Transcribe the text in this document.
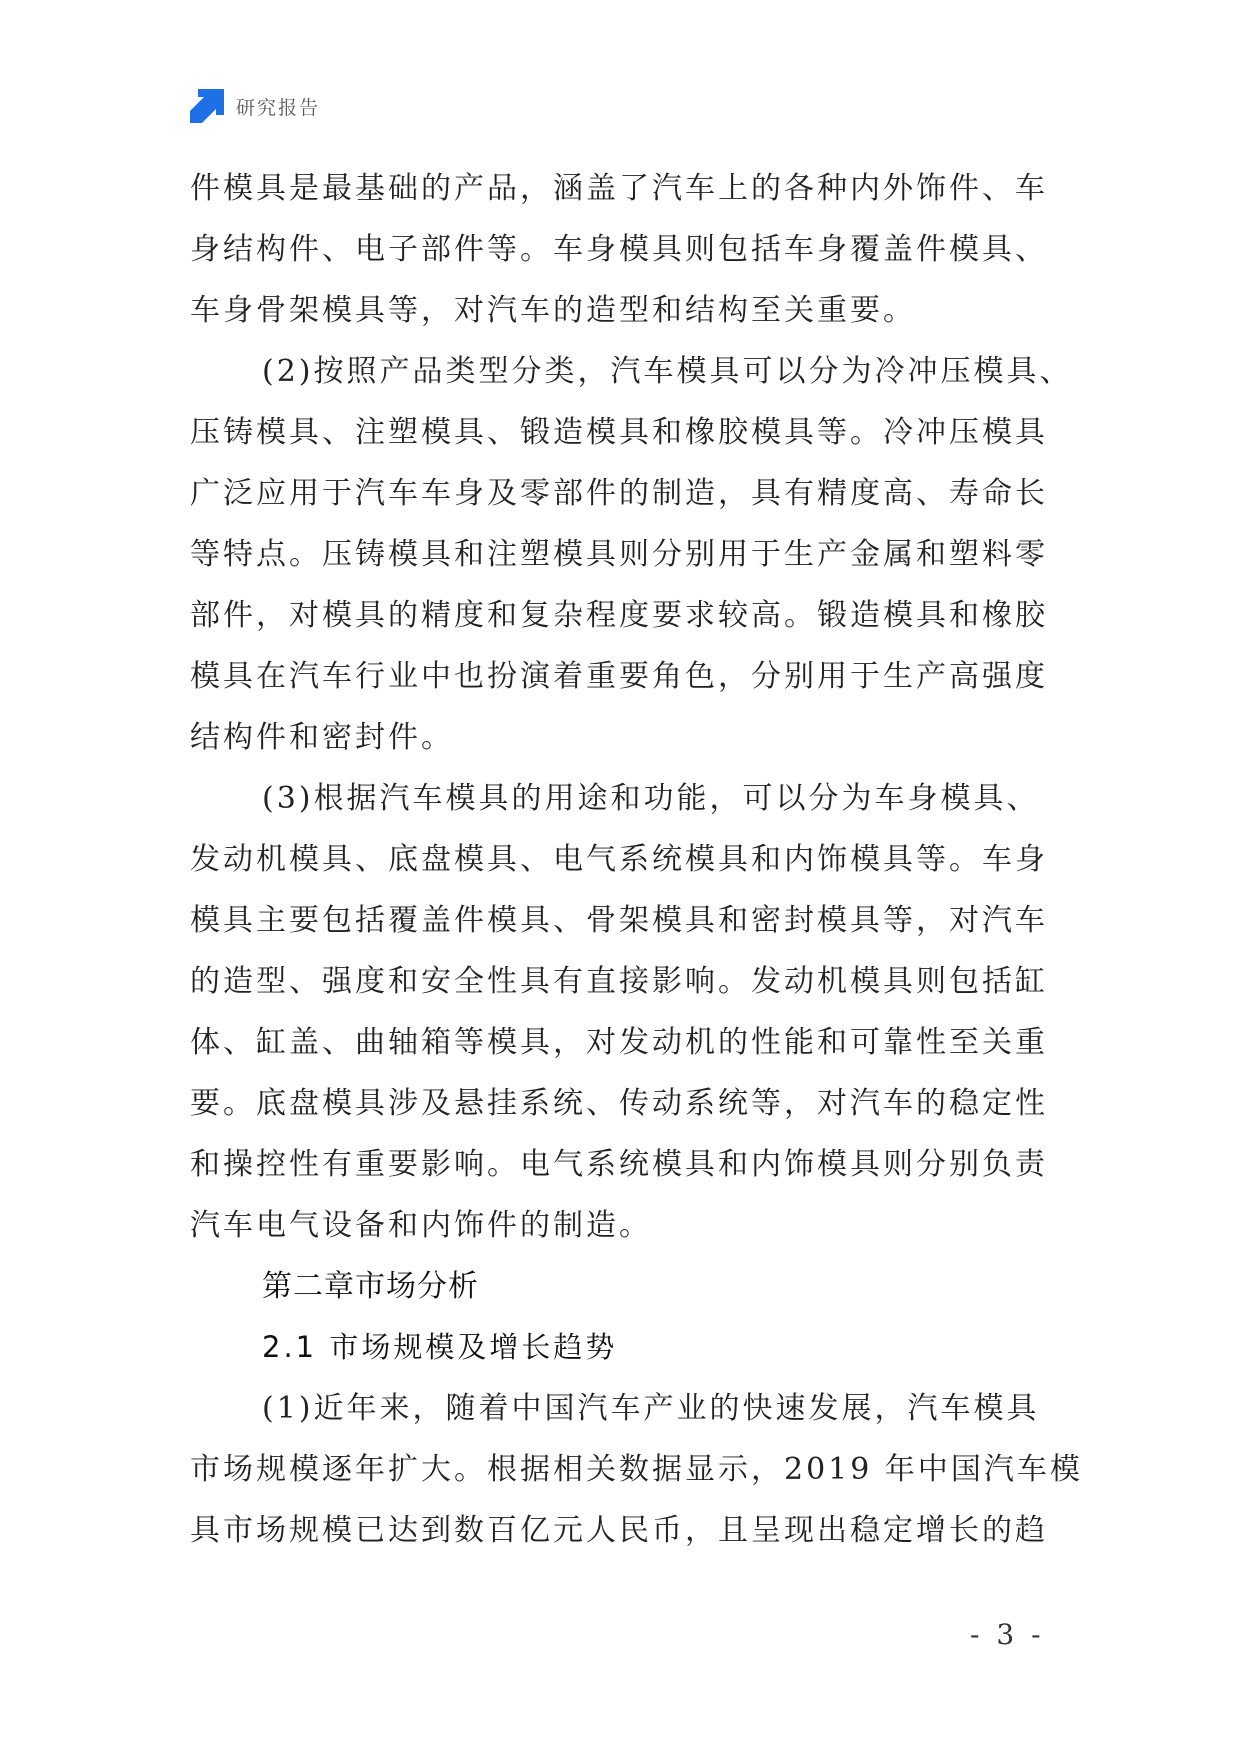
研究报告
件模具是最基础的产品，涵盖了汽车上的各种内外饰件、车
身结构件、电子部件等。车身模具则包括车身覆盖件模具、
车身骨架模具等，对汽车的造型和结构至关重要。
(2)按照产品类型分类，汽车模具可以分为冷冲压模具、
压铸模具、注塑模具、锻造模具和橡胶模具等。冷冲压模具
广泛应用于汽车车身及零部件的制造，具有精度高、寿命长
等特点。压铸模具和注塑模具则分别用于生产金属和塑料零
部件，对模具的精度和复杂程度要求较高。锻造模具和橡胶
模具在汽车行业中也扮演着重要角色，分别用于生产高强度
结构件和密封件。
(3)根据汽车模具的用途和功能，可以分为车身模具、
发动机模具、底盘模具、电气系统模具和内饰模具等。车身
模具主要包括覆盖件模具、骨架模具和密封模具等，对汽车
的造型、强度和安全性具有直接影响。发动机模具则包括缸
体、缸盖、曲轴箱等模具，对发动机的性能和可靠性至关重
要。底盘模具涉及悬挂系统、传动系统等，对汽车的稳定性
和操控性有重要影响。电气系统模具和内饰模具则分别负责
汽车电气设备和内饰件的制造。
第二章市场分析
2.1 市场规模及增长趋势
(1)近年来，随着中国汽车产业的快速发展，汽车模具
市场规模逐年扩大。根据相关数据显示，2019 年中国汽车模
具市场规模已达到数百亿元人民币，且呈现出稳定增长的趋
- 3 -
